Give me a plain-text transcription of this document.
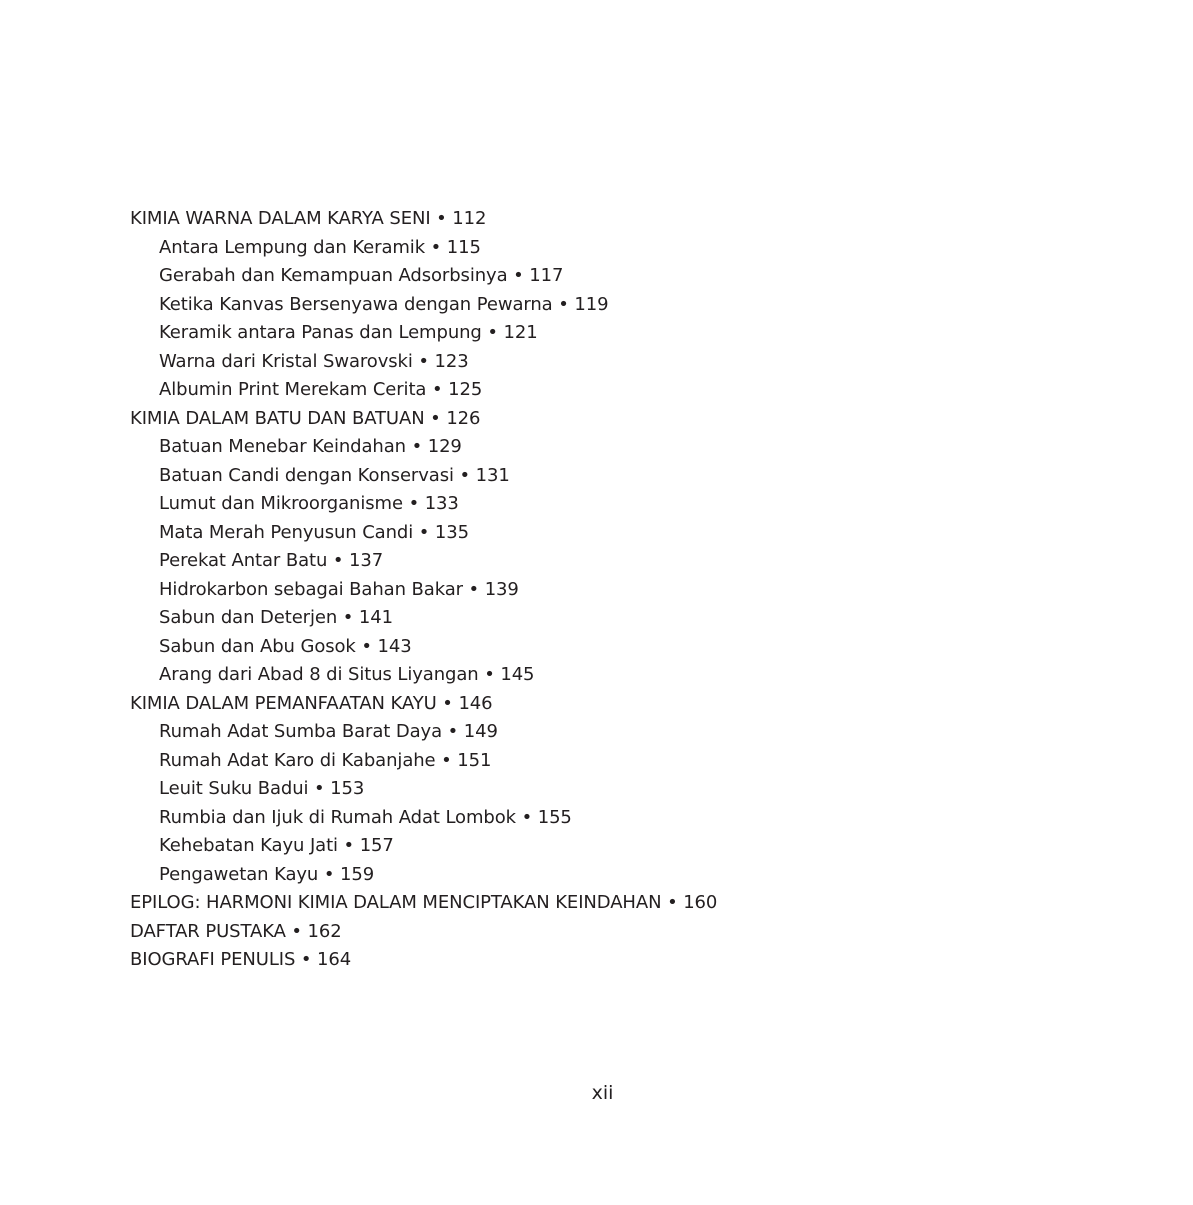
KIMIA WARNA DALAM KARYA SENI • 112
Antara Lempung dan Keramik • 115
Gerabah dan Kemampuan Adsorbsinya • 117
Ketika Kanvas Bersenyawa dengan Pewarna • 119
Keramik antara Panas dan Lempung • 121
Warna dari Kristal Swarovski • 123
Albumin Print Merekam Cerita • 125
KIMIA DALAM BATU DAN BATUAN • 126
Batuan Menebar Keindahan • 129
Batuan Candi dengan Konservasi • 131
Lumut dan Mikroorganisme • 133
Mata Merah Penyusun Candi • 135
Perekat Antar Batu • 137
Hidrokarbon sebagai Bahan Bakar • 139
Sabun dan Deterjen • 141
Sabun dan Abu Gosok • 143
Arang dari Abad 8 di Situs Liyangan • 145
KIMIA DALAM PEMANFAATAN KAYU • 146
Rumah Adat Sumba Barat Daya • 149
Rumah Adat Karo di Kabanjahe • 151
Leuit Suku Badui • 153
Rumbia dan Ijuk di Rumah Adat Lombok • 155
Kehebatan Kayu Jati • 157
Pengawetan Kayu • 159
EPILOG: HARMONI KIMIA DALAM MENCIPTAKAN KEINDAHAN • 160
DAFTAR PUSTAKA • 162
BIOGRAFI PENULIS • 164
xii
